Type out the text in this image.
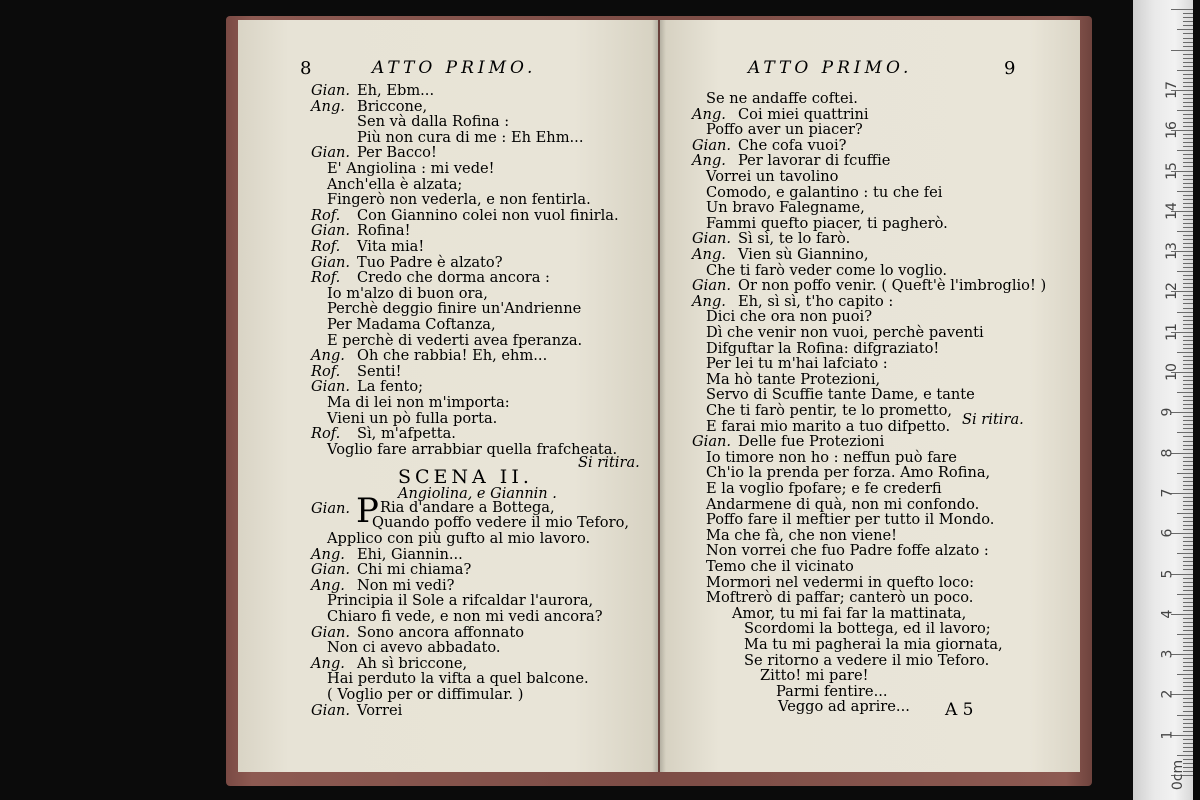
8	ATTO PRIMO.	ATTO PRIMO.	9
Gian. Eh, Ebm...
Ang. Briccone,
Sen và dalla Rofina :
Più non cura di me : Eh Ehm...
Gian. Per Bacco!
E' Angiolina : mi vede!
Anch'ella è alzata;
Fingerò non vederla, e non fentirla.
Rof. Con Giannino colei non vuol finirla.
Gian. Rofina!
Rof. Vita mia!
Gian. Tuo Padre è alzato?
Rof. Credo che dorma ancora :
Io m'alzo di buon ora,
Perchè deggio finire un'Andrienne
Per Madama Coftanza,
E perchè di vederti avea fperanza.
Ang. Oh che rabbia! Eh, ehm...
Rof. Senti!
Gian. La fento;
Ma di lei non m'importa:
Vieni un pò fulla porta.
Rof. Sì, m'afpetta.
Voglio fare arrabbiar quella frafcheata.
Si ritira.
SCENA II.
Angiolina, e Giannin .
Gian. P Ria d'andare a Bottega,
Quando poffo vedere il mio Teforo,
Applico con più gufto al mio lavoro.
Ang. Ehi, Giannin...
Gian. Chi mi chiama?
Ang. Non mi vedi?
Principia il Sole a rifcaldar l'aurora,
Chiaro fi vede, e non mi vedi ancora?
Gian. Sono ancora affonnato
Non ci avevo abbadato.
Ang. Ah sì briccone,
Hai perduto la vifta a quel balcone.
( Voglio per or diffimular. )
Gian. Vorrei
Se ne andaffe coftei.
Ang. Coi miei quattrini
Poffo aver un piacer?
Gian. Che cofa vuoi?
Ang. Per lavorar di fcuffie
Vorrei un tavolino
Comodo, e galantino : tu che fei
Un bravo Falegname,
Fammi quefto piacer, ti pagherò.
Gian. Sì sì, te lo farò.
Ang. Vien sù Giannino,
Che ti farò veder come lo voglio.
Gian. Or non poffo venir. ( Queft'è l'imbroglio! )
Ang. Eh, sì sì, t'ho capito :
Dici che ora non puoi?
Dì che venir non vuoi, perchè paventi
Difguftar la Rofina: difgraziato!
Per lei tu m'hai lafciato :
Ma hò tante Protezioni,
Servo di Scuffie tante Dame, e tante
Che ti farò pentir, te lo prometto,
E farai mio marito a tuo difpetto.
Gian. Delle fue Protezioni
Io timore non ho : neffun può fare
Ch'io la prenda per forza. Amo Rofina,
E la voglio fpofare; e fe crederfi
Andarmene di quà, non mi confondo.
Poffo fare il meftier per tutto il Mondo.
Ma che fà, che non viene!
Non vorrei che fuo Padre foffe alzato :
Temo che il vicinato
Mormori nel vedermi in quefto loco:
Moftrerò di paffar; canterò un poco.
Amor, tu mi fai far la mattinata,
Scordomi la bottega, ed il lavoro;
Ma tu mi pagherai la mia giornata,
Se ritorno a vedere il mio Teforo.
Zitto! mi pare!
Parmi fentire...
Veggo ad aprire...
Si ritira.
A 5
0cm
1
2
3
4
5
6
7
8
9
10
11
12
13
14
15
16
17
